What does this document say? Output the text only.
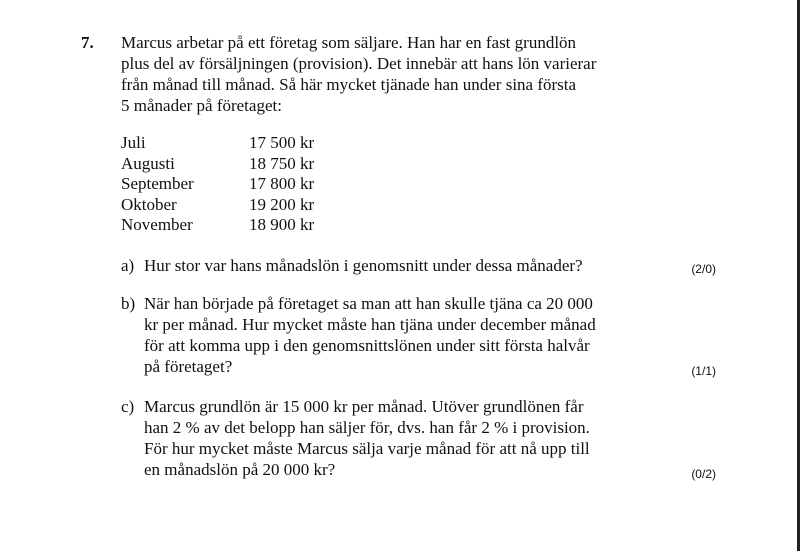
7. Marcus arbetar på ett företag som säljare. Han har en fast grundlön
plus del av försäljningen (provision). Det innebär att hans lön varierar
från månad till månad. Så här mycket tjänade han under sina första
5 månader på företaget:
Juli	17 500 kr
Augusti	18 750 kr
September	17 800 kr
Oktober	19 200 kr
November	18 900 kr
a) Hur stor var hans månadslön i genomsnitt under dessa månader?	(2/0)
b) När han började på företaget sa man att han skulle tjäna ca 20 000
kr per månad. Hur mycket måste han tjäna under december månad
för att komma upp i den genomsnittslönen under sitt första halvår
på företaget?	(1/1)
c) Marcus grundlön är 15 000 kr per månad. Utöver grundlönen får
han 2 % av det belopp han säljer för, dvs. han får 2 % i provision.
För hur mycket måste Marcus sälja varje månad för att nå upp till
en månadslön på 20 000 kr?	(0/2)
